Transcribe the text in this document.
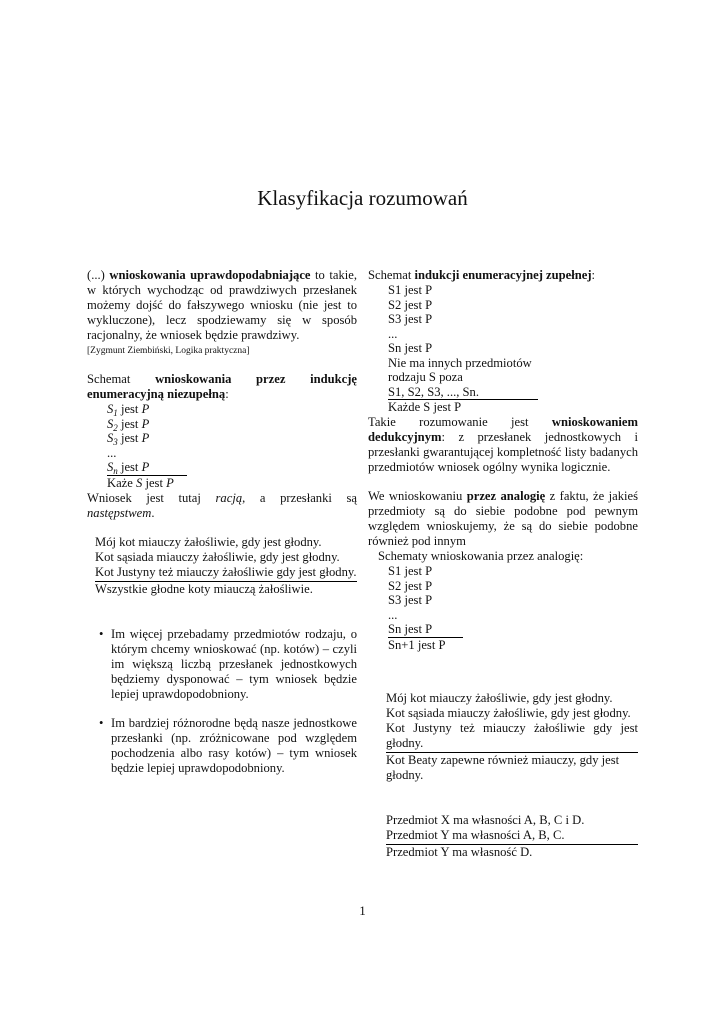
Klasyfikacja rozumowań

(...) wnioskowania uprawdopodabniające to takie, w których wychodząc od prawdziwych przesłanek możemy dojść do fałszywego wniosku (nie jest to wykluczone), lecz spodziewamy się w sposób racjonalny, że wniosek będzie prawdziwy.

[Zygmunt Ziembiński, Logika praktyczna]

Schemat wnioskowania przez indukcję enumeracyjną niezupełną:

$S_1$ jest P
$S_2$ jest P
$S_3$ jest P
...
$S_n$ jest P
Każe S jest P

Wniosek jest tutaj racją, a przesłanki są następstwem.

Mój kot miauczy żałośliwie, gdy jest głodny.

Kot sąsiada miauczy żałośliwie, gdy jest głodny.

Kot Justyny też miauczy żałośliwie gdy jest głodny.

Wszystkie głodne koty miauczą żałośliwie.
• Im więcej przebadamy przedmiotów rodzaju, o którym chcemy wnioskować (np. kotów) – czyli im większą liczbą przesłanek jednostkowych będziemy dysponować – tym wniosek będzie lepiej uprawdopodobniony.
• Im bardziej różnorodne będą nasze jednostkowe przesłanki (np. zróżnicowane pod względem pochodzenia albo rasy kotów) – tym wniosek będzie lepiej uprawdopodobniony.

Schemat indukcji enumeracyjnej zupełnej:

S1 jest P
S2 jest P
S3 jest P
...
Sn jest P
Nie ma innych przedmiotów
rodzaju S poza
S1, S2, S3, ..., Sn.
Każde S jest P

Takie rozumowanie jest wnioskowaniem dedukcyjnym: z przesłanek jednostkowych i przesłanki gwarantującej kompletność listy badanych przedmiotów wniosek ogólny wynika logicznie.

We wnioskowaniu przez analogię z faktu, że jakieś przedmioty są do siebie podobne pod pewnym względem wnioskujemy, że są do siebie podobne również pod innym

Schematy wnioskowania przez analogię:
S1 jest P
S2 jest P
S3 jest P
...
Sn jest P
Sn+1 jest P

Mój kot miauczy żałośliwie, gdy jest głodny.

Kot sąsiada miauczy żałośliwie, gdy jest głodny.

Kot Justyny też miauczy żałośliwie gdy jest głodny.

Kot Beaty zapewne również miauczy, gdy jest głodny.
Przedmiot X ma własności A, B, C i D.
Przedmiot Y ma własności A, B, C.
Przedmiot Y ma własność D.
1
